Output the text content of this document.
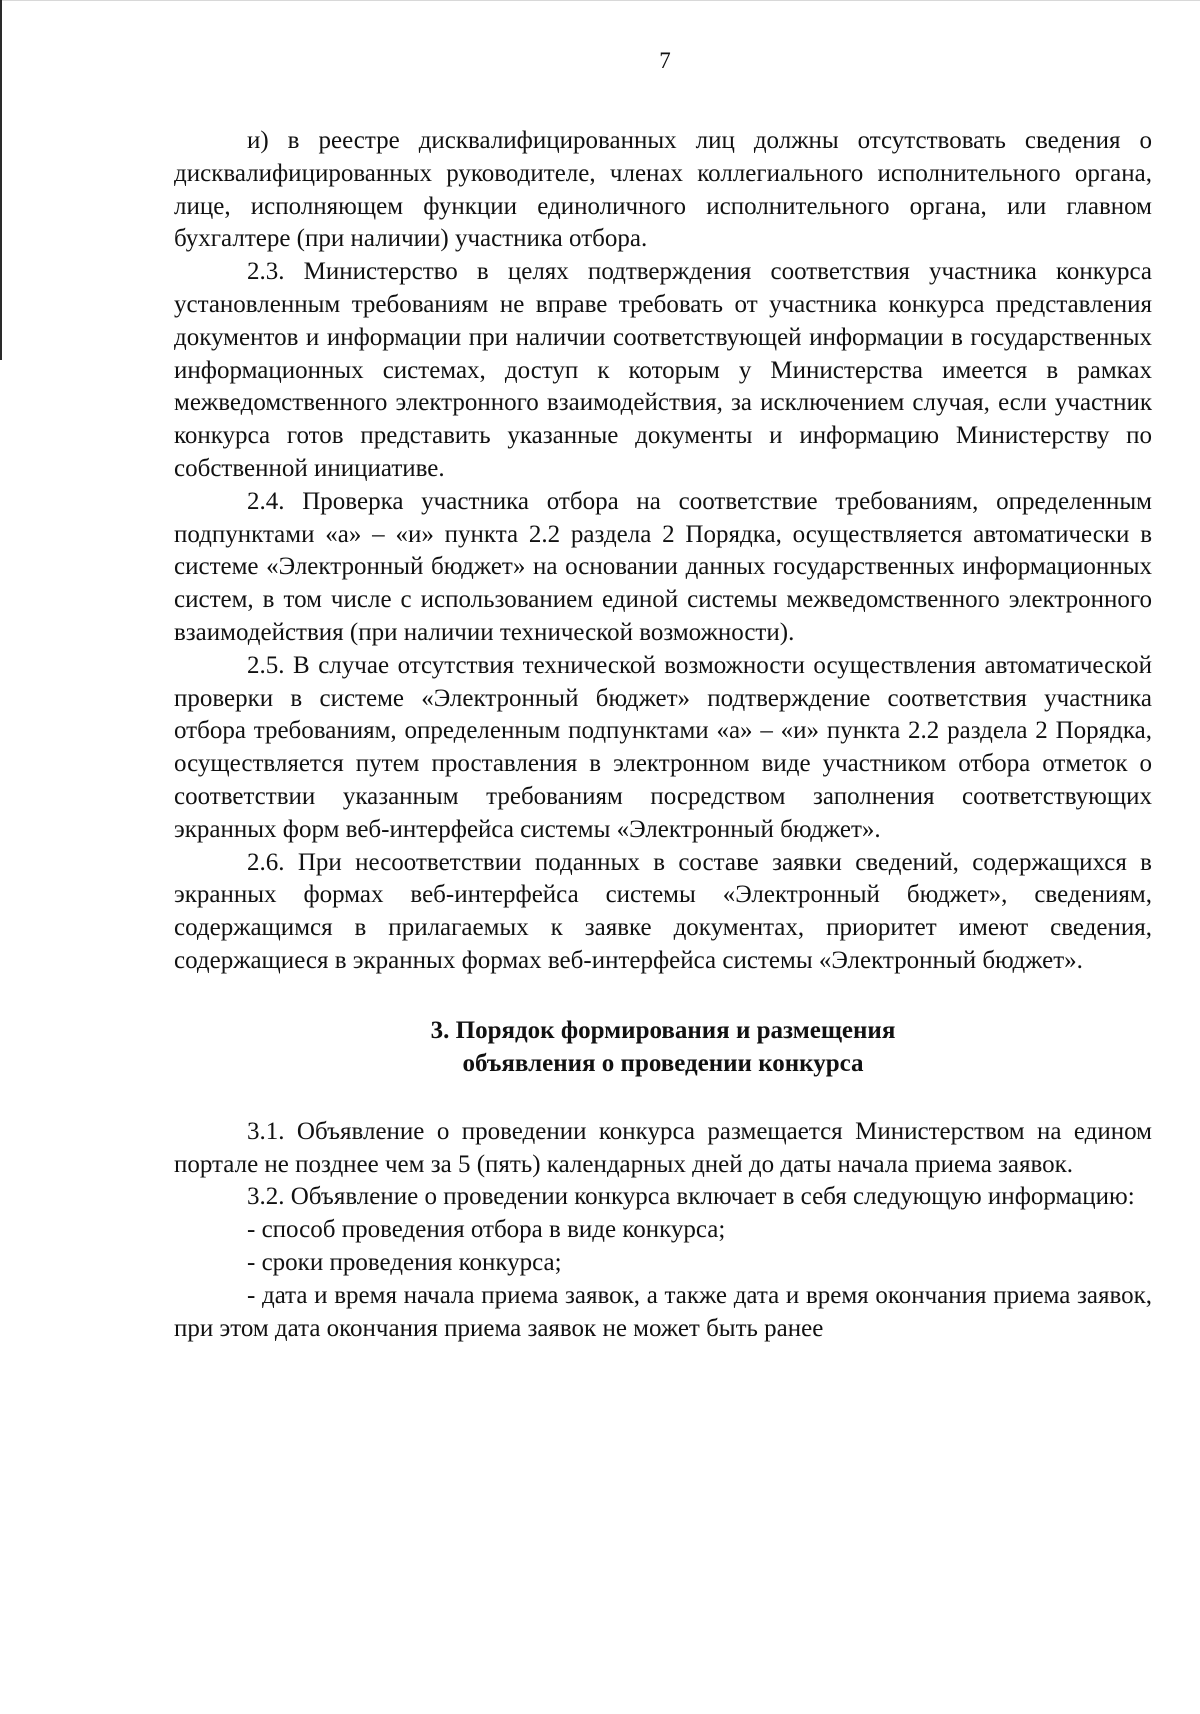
7

и) в реестре дисквалифицированных лиц должны отсутствовать сведения о дисквалифицированных руководителе, членах коллегиального исполнительного органа, лице, исполняющем функции единоличного исполнительного органа, или главном бухгалтере (при наличии) участника отбора.

2.3. Министерство в целях подтверждения соответствия участника конкурса установленным требованиям не вправе требовать от участника конкурса представления документов и информации при наличии соответствующей информации в государственных информационных системах, доступ к которым у Министерства имеется в рамках межведомственного электронного взаимодействия, за исключением случая, если участник конкурса готов представить указанные документы и информацию Министерству по собственной инициативе.

2.4. Проверка участника отбора на соответствие требованиям, определенным подпунктами «а» – «и» пункта 2.2 раздела 2 Порядка, осуществляется автоматически в системе «Электронный бюджет» на основании данных государственных информационных систем, в том числе с использованием единой системы межведомственного электронного взаимодействия (при наличии технической возможности).

2.5. В случае отсутствия технической возможности осуществления автоматической проверки в системе «Электронный бюджет» подтверждение соответствия участника отбора требованиям, определенным подпунктами «а» – «и» пункта 2.2 раздела 2 Порядка, осуществляется путем проставления в электронном виде участником отбора отметок о соответствии указанным требованиям посредством заполнения соответствующих экранных форм веб-интерфейса системы «Электронный бюджет».

2.6. При несоответствии поданных в составе заявки сведений, содержащихся в экранных формах веб-интерфейса системы «Электронный бюджет», сведениям, содержащимся в прилагаемых к заявке документах, приоритет имеют сведения, содержащиеся в экранных формах веб-интерфейса системы «Электронный бюджет».

3. Порядок формирования и размещения

объявления о проведении конкурса

3.1. Объявление о проведении конкурса размещается Министерством на едином портале не позднее чем за 5 (пять) календарных дней до даты начала приема заявок.

3.2. Объявление о проведении конкурса включает в себя следующую информацию:

- способ проведения отбора в виде конкурса;

- сроки проведения конкурса;

- дата и время начала приема заявок, а также дата и время окончания приема заявок, при этом дата окончания приема заявок не может быть ранее
